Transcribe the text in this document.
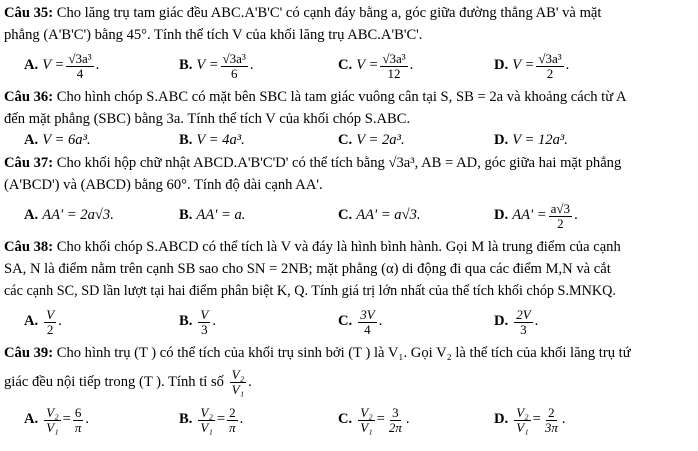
Câu 35: Cho lăng trụ tam giác đều ABC.A'B'C' có cạnh đáy bằng a, góc giữa đường thẳng AB' và mặt
phẳng (A'B'C') bằng 45°. Tính thể tích V của khối lăng trụ ABC.A'B'C'.
A. $V = \frac{\text{√3a³}}{4}$ .	B. $V = \frac{\text{√3a³}}{6}$ .	C. $V = \frac{\text{√3a³}}{12}$ .	D. $V = \frac{\text{√3a³}}{2}$ .
Câu 36: Cho hình chóp S.ABC có mặt bên SBC là tam giác vuông cân tại S, SB = 2a và khoảng cách từ A
đến mặt phẳng (SBC) bằng 3a. Tính thể tích V của khối chóp S.ABC.
A. V = 6a³.	B. V = 4a³.	C. V = 2a³.	D. V = 12a³.
Câu 37: Cho khối hộp chữ nhật ABCD.A'B'C'D' có thể tích bằng √3a³, AB = AD, góc giữa hai mặt phẳng
(A'BCD') và (ABCD) bằng 60°. Tính độ dài cạnh AA'.
A. AA' = 2a√3.	B. AA' = a.	C. AA' = a√3.	D. $AA' = \frac{a√3}{2}$ .
Câu 38: Cho khối chóp S.ABCD có thể tích là V và đáy là hình bình hành. Gọi M là trung điểm của cạnh
SA, N là điểm nằm trên cạnh SB sao cho SN = 2NB; mặt phẳng (α) di động đi qua các điểm M,N và cắt
các cạnh SC, SD lần lượt tại hai điểm phân biệt K, Q. Tính giá trị lớn nhất của thể tích khối chóp S.MNKQ.
A. $\frac{V}{2}$ .	B. $\frac{V}{3}$ .	C. $\frac{3V}{4}$ .	D. $\frac{2V}{3}$ .
Câu 39: Cho hình trụ (T ) có thể tích của khối trụ sinh bởi (T ) là V₁. Gọi V₂ là thể tích của khối lăng trụ tứ
giác đều nội tiếp trong (T ). Tính tỉ số
$\frac{\text{V₂}}{\text{V₁}}$ .
A. $\frac{\text{V₂}}{\text{V₁}} = \frac{6}{\pi}$ .	B. $\frac{\text{V₂}}{\text{V₁}} = \frac{2}{\pi}$ .	C. $\frac{\text{V₂}}{\text{V₁}} = \frac{3}{2\pi}$ .	D. $\frac{\text{V₂}}{\text{V₁}} = \frac{2}{3\pi}$ .
